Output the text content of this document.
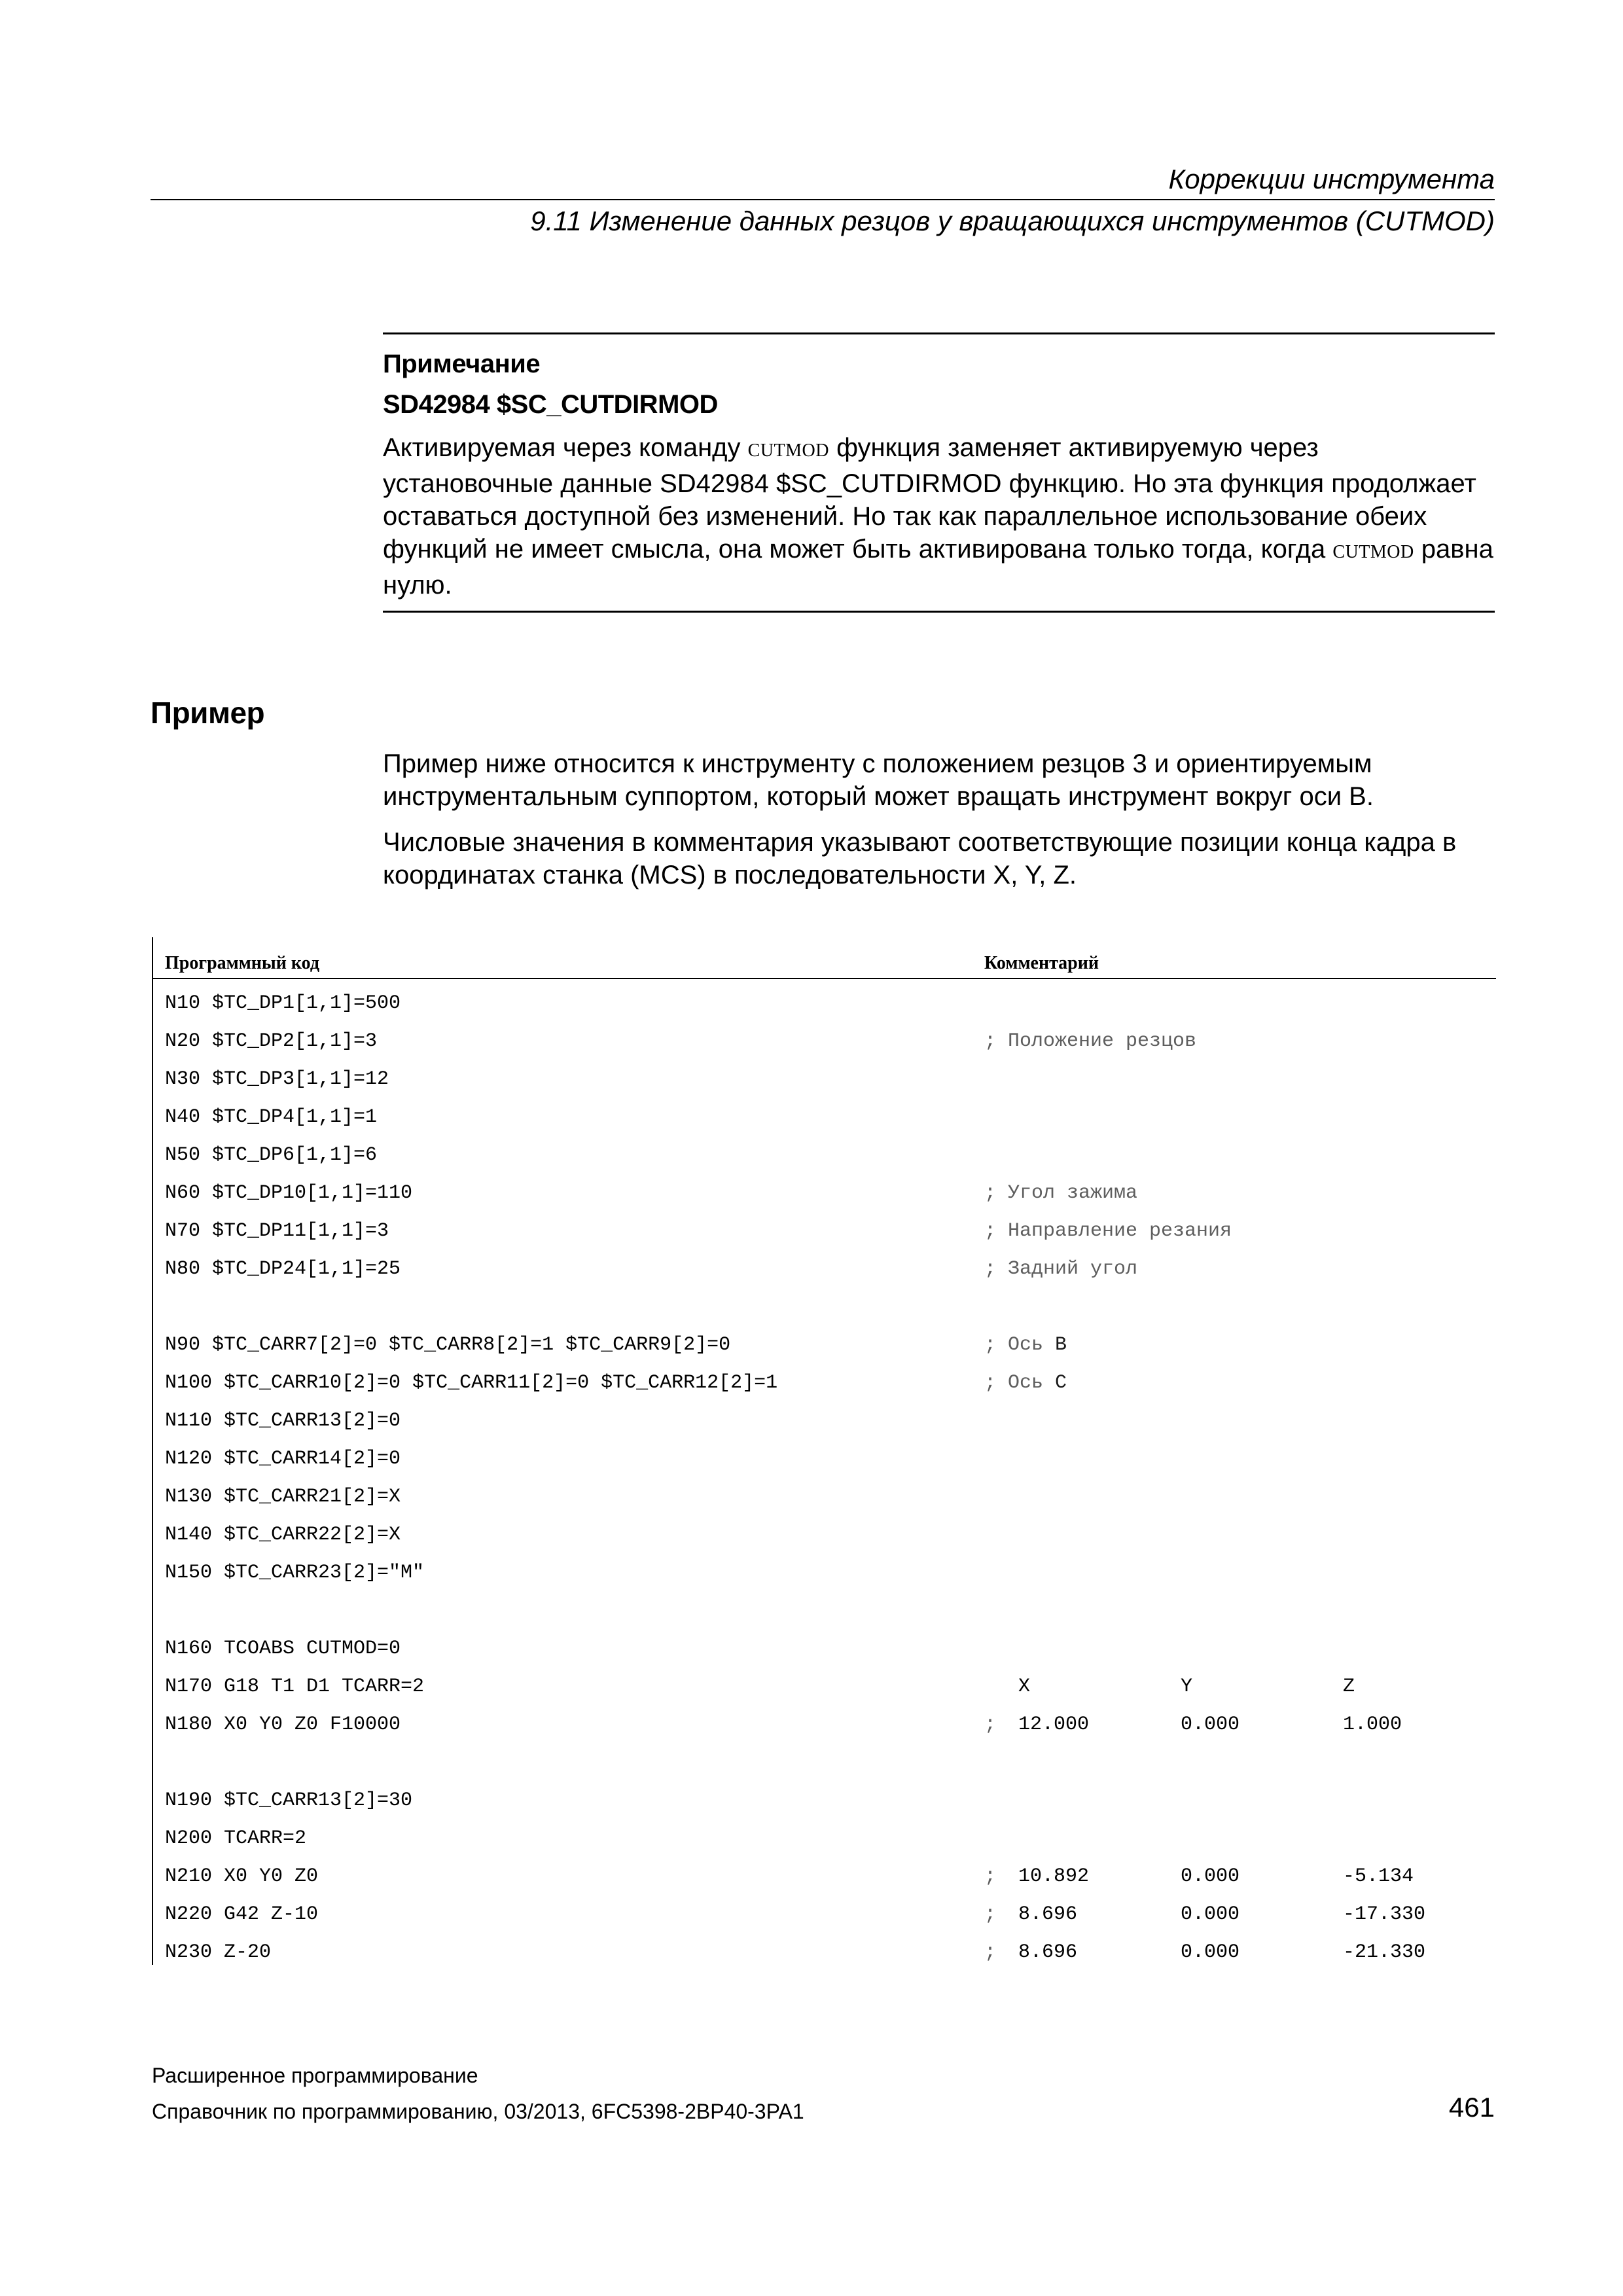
Коррекции инструмента
9.11 Изменение данных резцов у вращающихся инструментов (CUTMOD)
Примечание
SD42984 $SC_CUTDIRMOD
Активируемая через команду CUTMOD функция заменяет активируемую через установочные данные SD42984 $SC_CUTDIRMOD функцию. Но эта функция продолжает оставаться доступной без изменений. Но так как параллельное использование обеих функций не имеет смысла, она может быть активирована только тогда, когда CUTMOD равна нулю.
Пример
Пример ниже относится к инструменту с положением резцов 3 и ориентируемым инструментальным суппортом, который может вращать инструмент вокруг оси B.
Числовые значения в комментария указывают соответствующие позиции конца кадра в координатах станка (MCS) в последовательности X, Y, Z.
Программный код	Комментарий
N10 $TC_DP1[1,1]=500
N20 $TC_DP2[1,1]=3	; Положение резцов
N30 $TC_DP3[1,1]=12
N40 $TC_DP4[1,1]=1
N50 $TC_DP6[1,1]=6
N60 $TC_DP10[1,1]=110	; Угол зажима
N70 $TC_DP11[1,1]=3	; Направление резания
N80 $TC_DP24[1,1]=25	; Задний угол
N90 $TC_CARR7[2]=0 $TC_CARR8[2]=1 $TC_CARR9[2]=0	; Ось B
N100 $TC_CARR10[2]=0 $TC_CARR11[2]=0 $TC_CARR12[2]=1	; Ось C
N110 $TC_CARR13[2]=0
N120 $TC_CARR14[2]=0
N130 $TC_CARR21[2]=X
N140 $TC_CARR22[2]=X
N150 $TC_CARR23[2]="M"
N160 TCOABS CUTMOD=0
N170 G18 T1 D1 TCARR=2	X	Y	Z
N180 X0 Y0 Z0 F10000	; 12.000	0.000	1.000
N190 $TC_CARR13[2]=30
N200 TCARR=2
N210 X0 Y0 Z0	; 10.892	0.000	-5.134
N220 G42 Z-10	; 8.696	0.000	-17.330
N230 Z-20	; 8.696	0.000	-21.330
Расширенное программирование
Справочник по программированию, 03/2013, 6FC5398-2BP40-3PA1	461
